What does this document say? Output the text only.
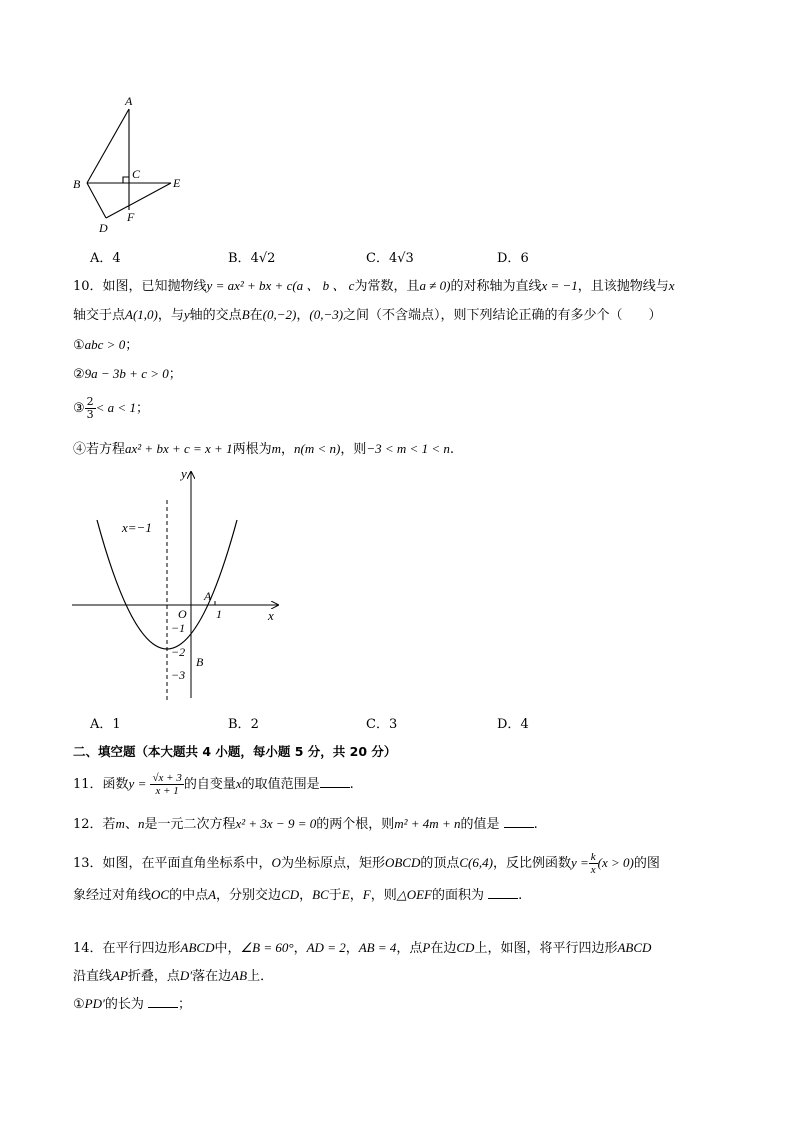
A
B
C
D
E
F
A．4	B．4√2	C．4√3	D．6
10．如图，已知抛物线y = ax² + bx + c(a 、 b 、 c为常数，且a ≠ 0)的对称轴为直线x = −1，且该抛物线与x
轴交于点A(1,0)，与y轴的交点B在(0,−2)，(0,−3)之间（不含端点），则下列结论正确的有多少个（　　）
①abc > 0；
②9a − 3b + c > 0；
③ $\frac{2}{3} < a < 1$；
④若方程ax² + bx + c = x + 1两根为m，n(m < n)，则−3 < m < 1 < n.
x=−1
y
x
O
A
1
−1
−2
−3
B
A．1	B．2	C．3	D．4
二、填空题（本大题共 4 小题，每小题 5 分，共 20 分）
11．函数$y = \frac{√x + 3}{x + 1}$ 的自变量x的取值范围是 .
12．若m、n是一元二次方程x² + 3x − 9 = 0的两个根，则m² + 4m + n的值是	.
13．如图，在平面直角坐标系中，O为坐标原点，矩形OBCD的顶点C(6,4)，反比例函数$y = \frac{k}{x} (x > 0)$的图
象经过对角线OC的中点A，分别交边CD，BC于E，F，则△OEF的面积为	.
14．在平行四边形ABCD中，∠B = 60°，AD = 2，AB = 4，点P在边CD上，如图，将平行四边形ABCD
沿直线AP折叠，点D′落在边AB上．
①PD′的长为	；
